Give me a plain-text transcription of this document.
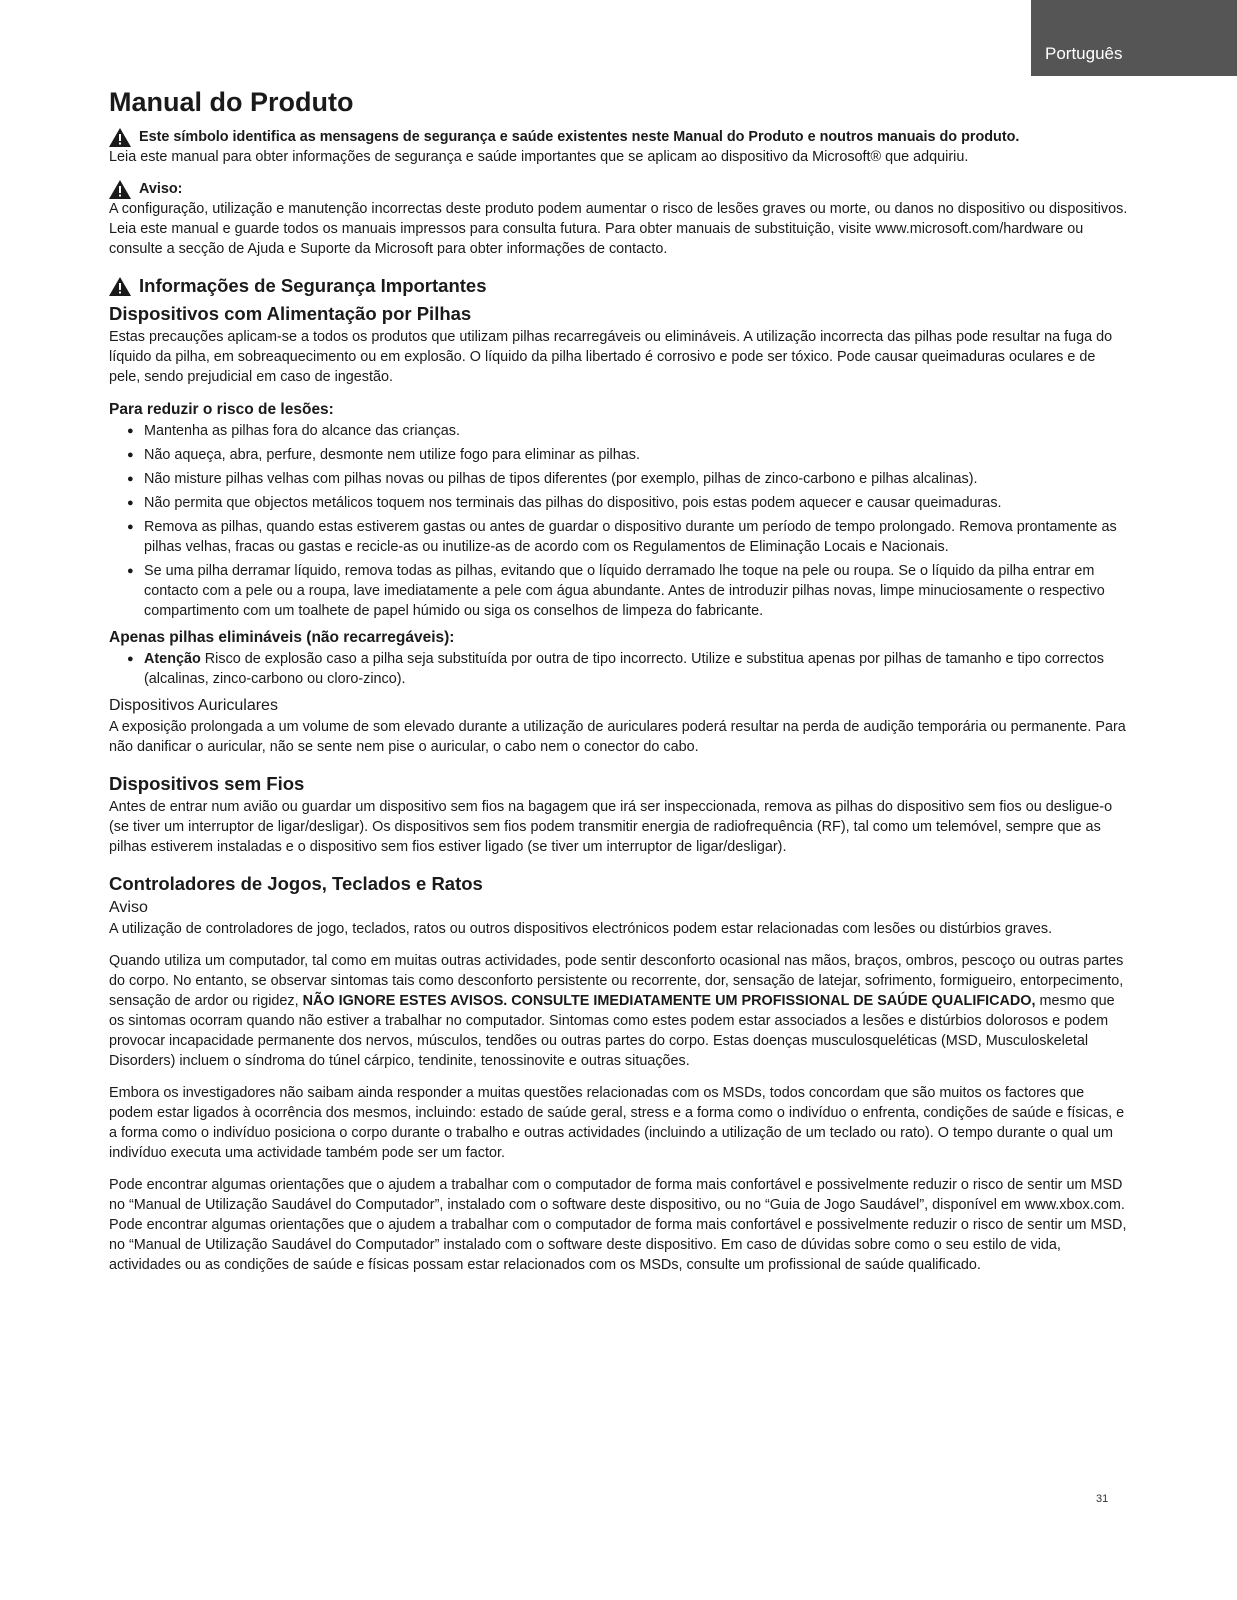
Português
Manual do Produto

Este símbolo identifica as mensagens de segurança e saúde existentes neste Manual do Produto e noutros manuais do produto.

Leia este manual para obter informações de segurança e saúde importantes que se aplicam ao dispositivo da Microsoft® que adquiriu.

Aviso:

A configuração, utilização e manutenção incorrectas deste produto podem aumentar o risco de lesões graves ou morte, ou danos no dispositivo ou dispositivos. Leia este manual e guarde todos os manuais impressos para consulta futura. Para obter manuais de substituição, visite www.microsoft.com/hardware ou consulte a secção de Ajuda e Suporte da Microsoft para obter informações de contacto.

Informações de Segurança Importantes
Dispositivos com Alimentação por Pilhas

Estas precauções aplicam-se a todos os produtos que utilizam pilhas recarregáveis ou elimináveis. A utilização incorrecta das pilhas pode resultar na fuga do líquido da pilha, em sobreaquecimento ou em explosão. O líquido da pilha libertado é corrosivo e pode ser tóxico. Pode causar queimaduras oculares e de pele, sendo prejudicial em caso de ingestão.

Para reduzir o risco de lesões:
● Mantenha as pilhas fora do alcance das crianças.
● Não aqueça, abra, perfure, desmonte nem utilize fogo para eliminar as pilhas.
● Não misture pilhas velhas com pilhas novas ou pilhas de tipos diferentes (por exemplo, pilhas de zinco-carbono e pilhas alcalinas).
● Não permita que objectos metálicos toquem nos terminais das pilhas do dispositivo, pois estas podem aquecer e causar queimaduras.
● Remova as pilhas, quando estas estiverem gastas ou antes de guardar o dispositivo durante um período de tempo prolongado. Remova prontamente as pilhas velhas, fracas ou gastas e recicle-as ou inutilize-as de acordo com os Regulamentos de Eliminação Locais e Nacionais.
● Se uma pilha derramar líquido, remova todas as pilhas, evitando que o líquido derramado lhe toque na pele ou roupa. Se o líquido da pilha entrar em contacto com a pele ou a roupa, lave imediatamente a pele com água abundante. Antes de introduzir pilhas novas, limpe minuciosamente o respectivo compartimento com um toalhete de papel húmido ou siga os conselhos de limpeza do fabricante.
Apenas pilhas elimináveis (não recarregáveis):
● Atenção Risco de explosão caso a pilha seja substituída por outra de tipo incorrecto. Utilize e substitua apenas por pilhas de tamanho e tipo correctos (alcalinas, zinco-carbono ou cloro-zinco).
Dispositivos Auriculares

A exposição prolongada a um volume de som elevado durante a utilização de auriculares poderá resultar na perda de audição temporária ou permanente. Para não danificar o auricular, não se sente nem pise o auricular, o cabo nem o conector do cabo.

Dispositivos sem Fios

Antes de entrar num avião ou guardar um dispositivo sem fios na bagagem que irá ser inspeccionada, remova as pilhas do dispositivo sem fios ou desligue-o (se tiver um interruptor de ligar/desligar). Os dispositivos sem fios podem transmitir energia de radiofrequência (RF), tal como um telemóvel, sempre que as pilhas estiverem instaladas e o dispositivo sem fios estiver ligado (se tiver um interruptor de ligar/desligar).

Controladores de Jogos, Teclados e Ratos
Aviso

A utilização de controladores de jogo, teclados, ratos ou outros dispositivos electrónicos podem estar relacionadas com lesões ou distúrbios graves.

Quando utiliza um computador, tal como em muitas outras actividades, pode sentir desconforto ocasional nas mãos, braços, ombros, pescoço ou outras partes do corpo. No entanto, se observar sintomas tais como desconforto persistente ou recorrente, dor, sensação de latejar, sofrimento, formigueiro, entorpecimento, sensação de ardor ou rigidez, NÃO IGNORE ESTES AVISOS. CONSULTE IMEDIATAMENTE UM PROFISSIONAL DE SAÚDE QUALIFICADO, mesmo que os sintomas ocorram quando não estiver a trabalhar no computador. Sintomas como estes podem estar associados a lesões e distúrbios dolorosos e podem provocar incapacidade permanente dos nervos, músculos, tendões ou outras partes do corpo. Estas doenças musculosqueléticas (MSD, Musculoskeletal Disorders) incluem o síndroma do túnel cárpico, tendinite, tenossinovite e outras situações.

Embora os investigadores não saibam ainda responder a muitas questões relacionadas com os MSDs, todos concordam que são muitos os factores que podem estar ligados à ocorrência dos mesmos, incluindo: estado de saúde geral, stress e a forma como o indivíduo o enfrenta, condições de saúde e físicas, e a forma como o indivíduo posiciona o corpo durante o trabalho e outras actividades (incluindo a utilização de um teclado ou rato). O tempo durante o qual um indivíduo executa uma actividade também pode ser um factor.

Pode encontrar algumas orientações que o ajudem a trabalhar com o computador de forma mais confortável e possivelmente reduzir o risco de sentir um MSD no “Manual de Utilização Saudável do Computador”, instalado com o software deste dispositivo, ou no “Guia de Jogo Saudável”, disponível em www.xbox.com. Pode encontrar algumas orientações que o ajudem a trabalhar com o computador de forma mais confortável e possivelmente reduzir o risco de sentir um MSD, no “Manual de Utilização Saudável do Computador” instalado com o software deste dispositivo. Em caso de dúvidas sobre como o seu estilo de vida, actividades ou as condições de saúde e físicas possam estar relacionados com os MSDs, consulte um profissional de saúde qualificado.

31
